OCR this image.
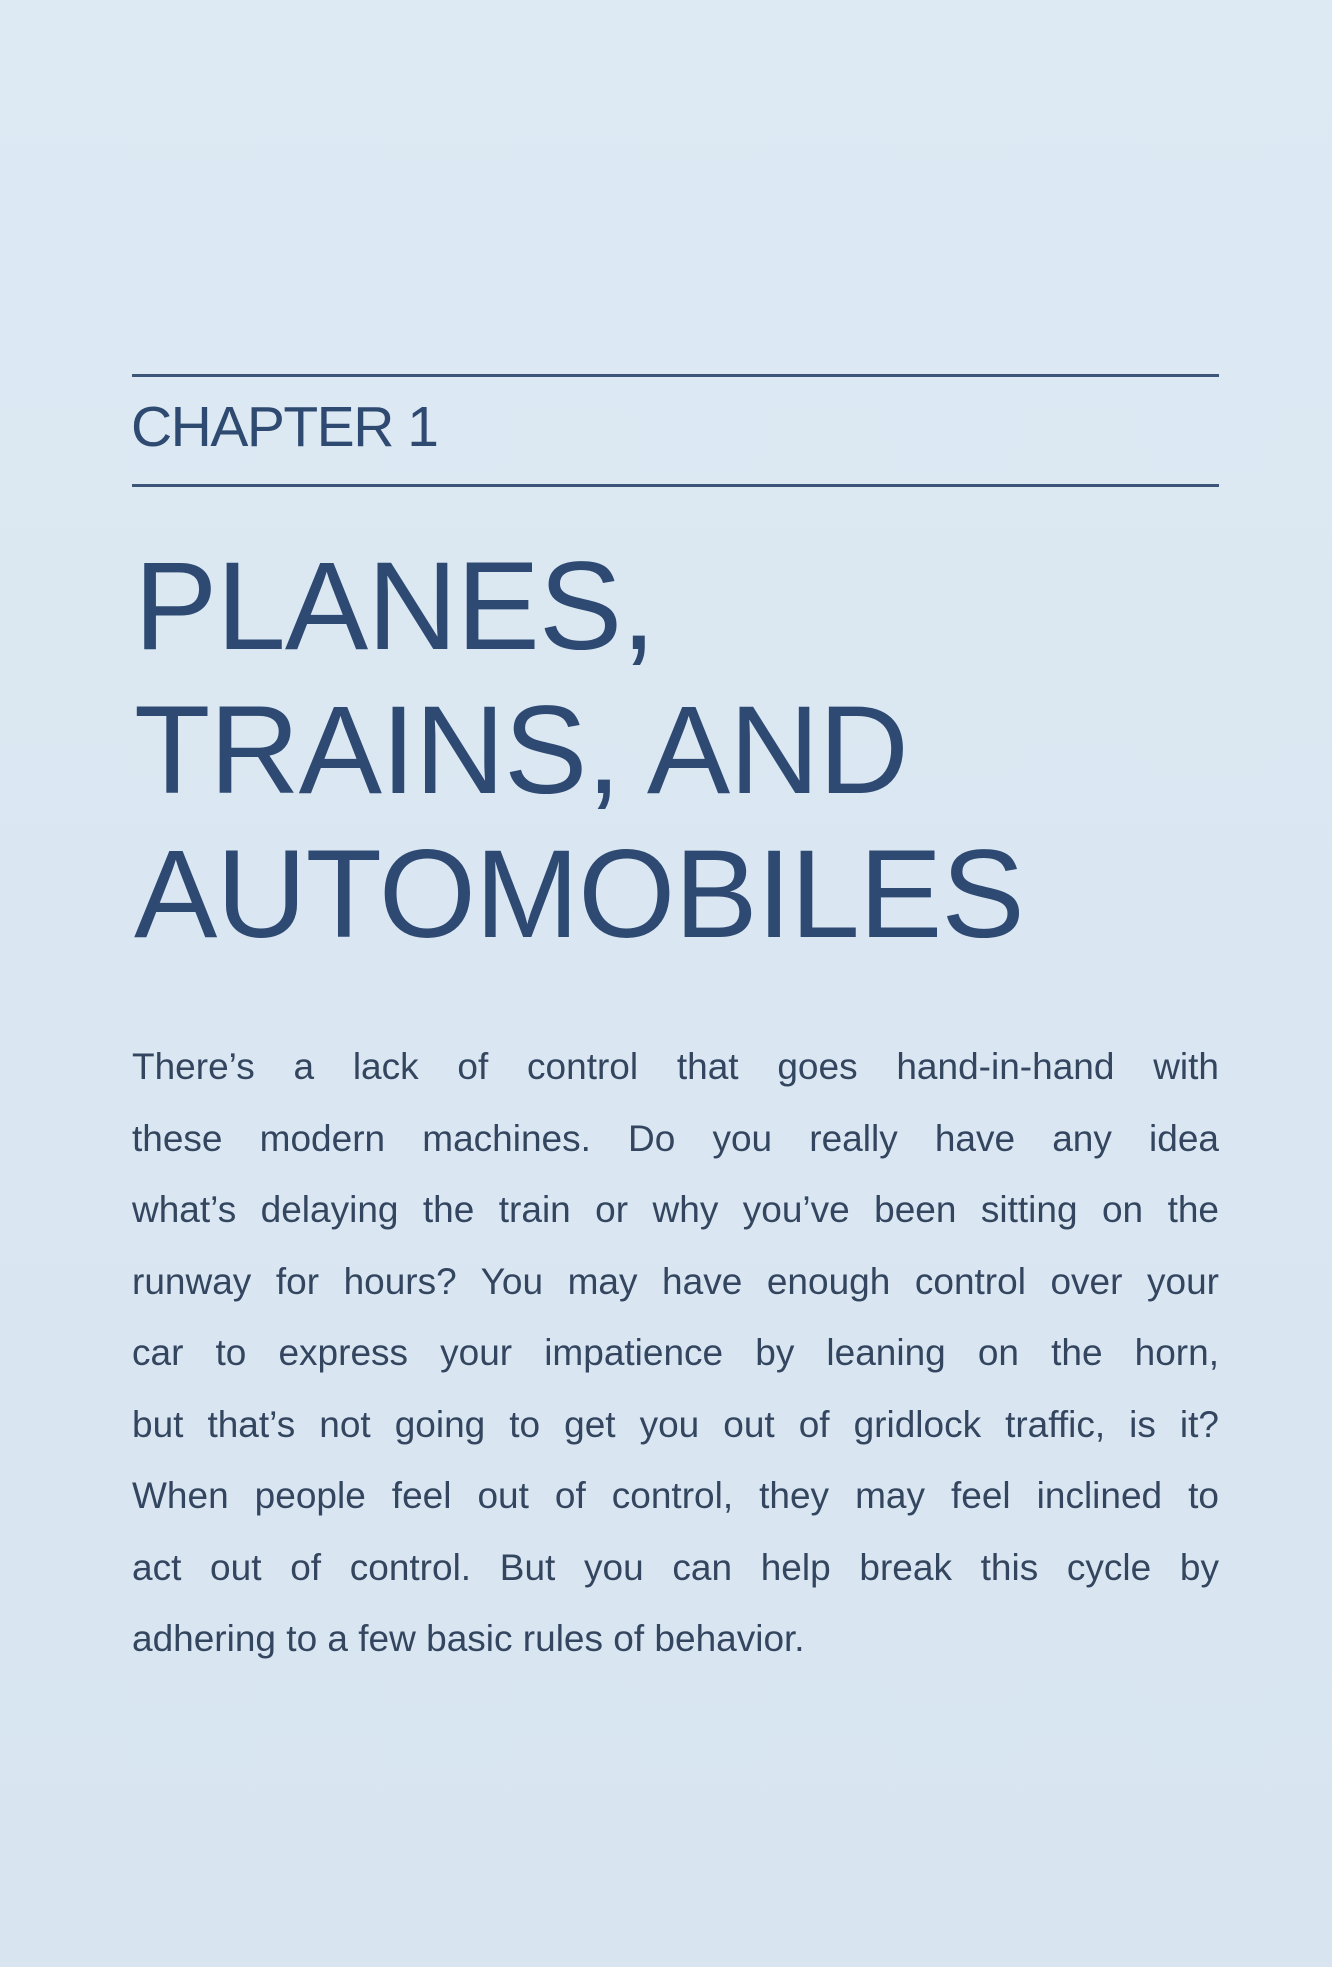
CHAPTER 1
PLANES,
TRAINS, AND
AUTOMOBILES
There’s a lack of control that goes hand-in-hand with
these modern machines. Do you really have any idea
what’s delaying the train or why you’ve been sitting on the
runway for hours? You may have enough control over your
car to express your impatience by leaning on the horn,
but that’s not going to get you out of gridlock traffic, is it?
When people feel out of control, they may feel inclined to
act out of control. But you can help break this cycle by
adhering to a few basic rules of behavior.
